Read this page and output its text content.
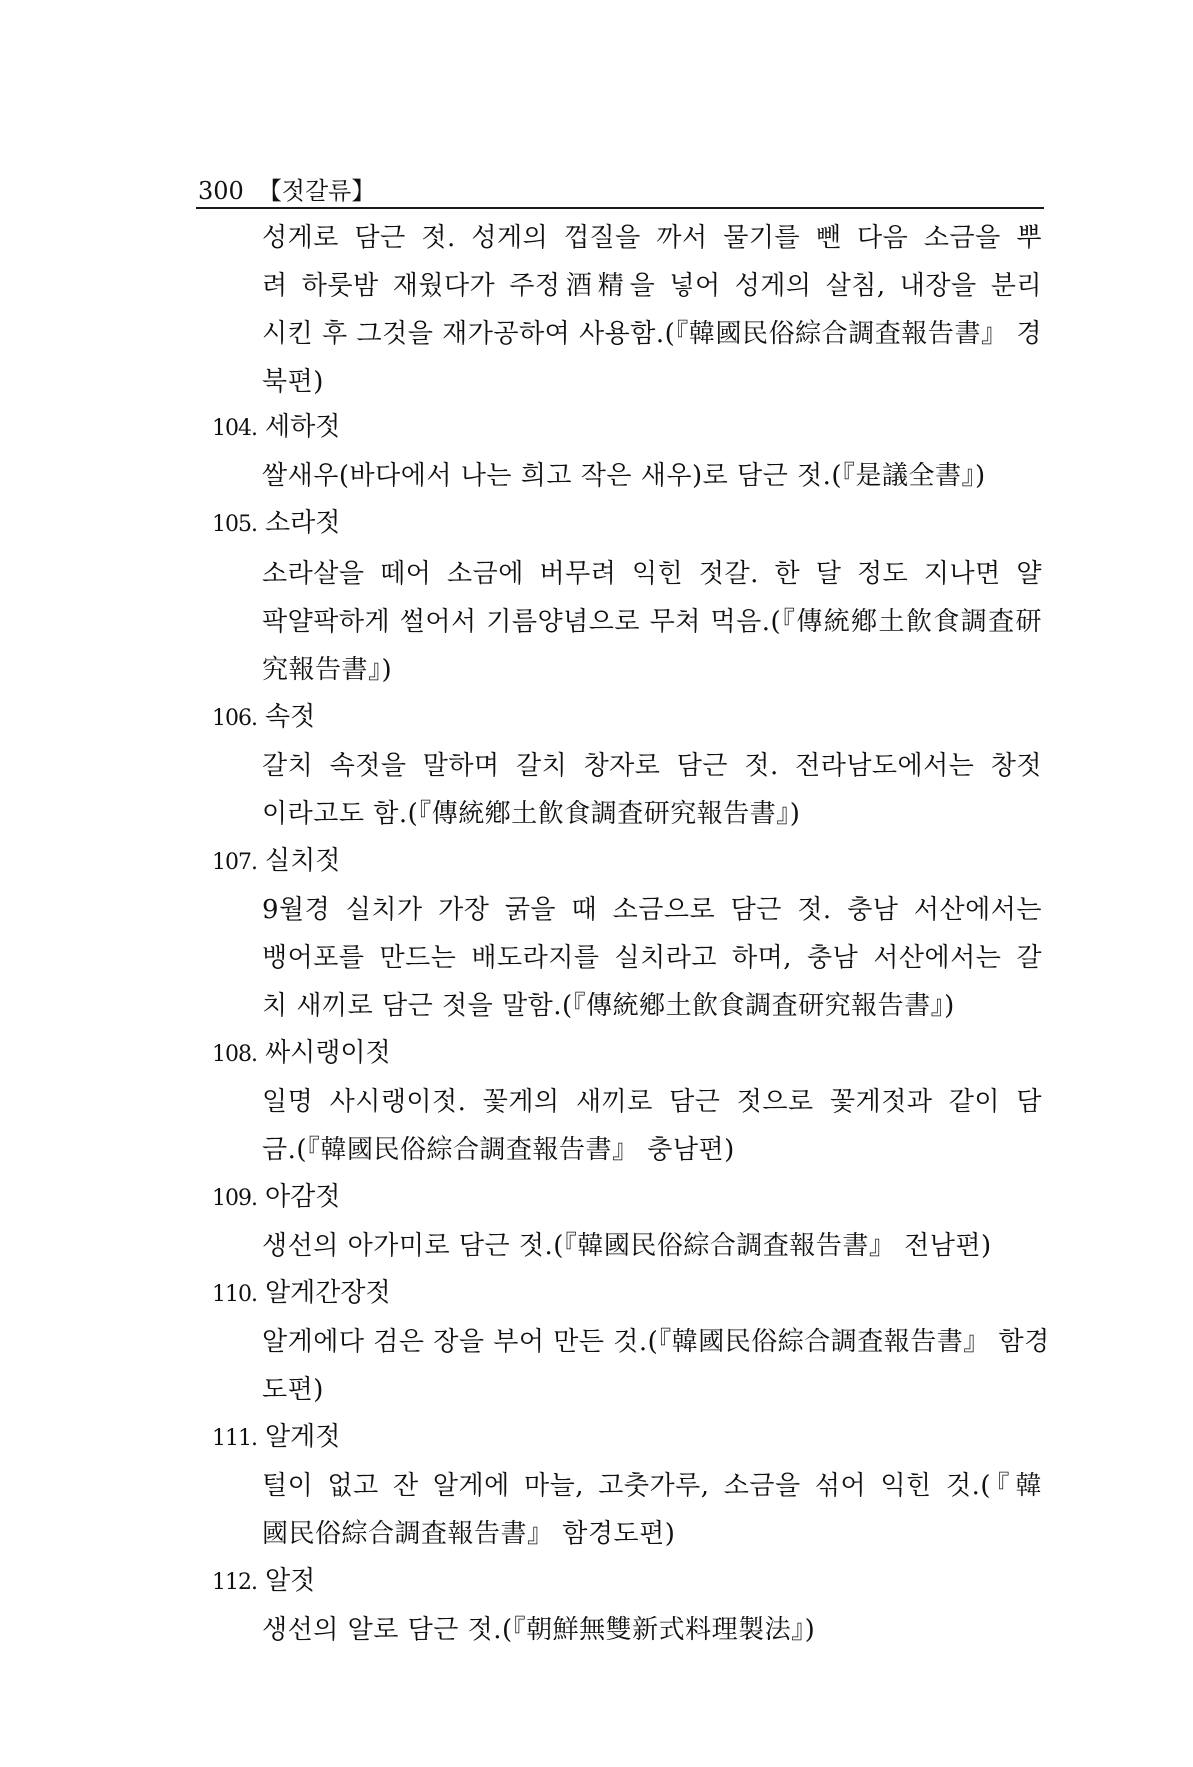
300 【젓갈류】
성게로 담근 젓. 성게의 껍질을 까서 물기를 뺀 다음 소금을 뿌
려 하룻밤 재웠다가 주정酒精을 넣어 성게의 살침, 내장을 분리
시킨 후 그것을 재가공하여 사용함.(『韓國民俗綜合調査報告書』 경
북편)
104. 세하젓
쌀새우(바다에서 나는 희고 작은 새우)로 담근 젓.(『是議全書』)
105. 소라젓
소라살을 떼어 소금에 버무려 익힌 젓갈. 한 달 정도 지나면 얄
팍얄팍하게 썰어서 기름양념으로 무쳐 먹음.(『傳統鄕土飮食調査研
究報告書』)
106. 속젓
갈치 속젓을 말하며 갈치 창자로 담근 젓. 전라남도에서는 창젓
이라고도 함.(『傳統鄕土飮食調査研究報告書』)
107. 실치젓
9월경 실치가 가장 굵을 때 소금으로 담근 젓. 충남 서산에서는
뱅어포를 만드는 배도라지를 실치라고 하며, 충남 서산에서는 갈
치 새끼로 담근 젓을 말함.(『傳統鄕土飮食調査研究報告書』)
108. 싸시랭이젓
일명 사시랭이젓. 꽃게의 새끼로 담근 젓으로 꽃게젓과 같이 담
금.(『韓國民俗綜合調査報告書』 충남편)
109. 아감젓
생선의 아가미로 담근 젓.(『韓國民俗綜合調査報告書』 전남편)
110. 알게간장젓
알게에다 검은 장을 부어 만든 것.(『韓國民俗綜合調査報告書』 함경
도편)
111. 알게젓
털이 없고 잔 알게에 마늘, 고춧가루, 소금을 섞어 익힌 것.(『韓
國民俗綜合調査報告書』 함경도편)
112. 알젓
생선의 알로 담근 젓.(『朝鮮無雙新式料理製法』)
